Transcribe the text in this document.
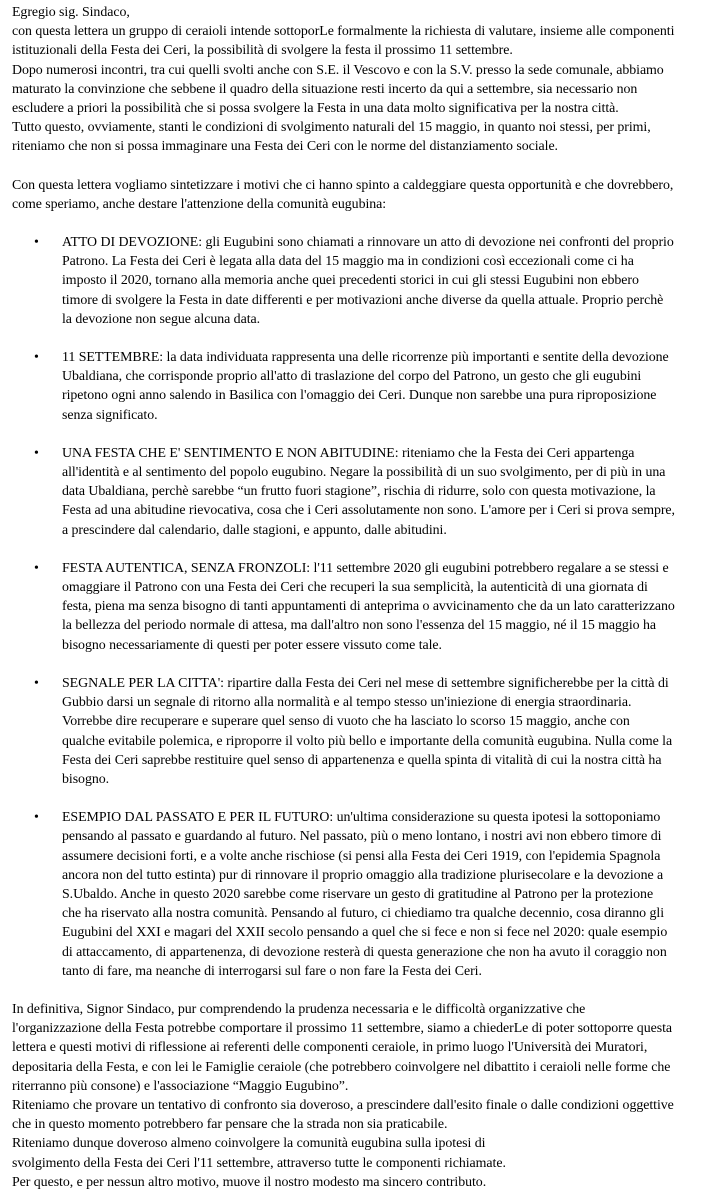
Egregio sig. Sindaco,
con questa lettera un gruppo di ceraioli intende sottoporLe formalmente la richiesta di valutare, insieme alle componenti
istituzionali della Festa dei Ceri, la possibilità di svolgere la festa il prossimo 11 settembre.
Dopo numerosi incontri, tra cui quelli svolti anche con S.E. il Vescovo e con la S.V. presso la sede comunale, abbiamo
maturato la convinzione che sebbene il quadro della situazione resti incerto da qui a settembre, sia necessario non
escludere a priori la possibilità che si possa svolgere la Festa in una data molto significativa per la nostra città.
Tutto questo, ovviamente, stanti le condizioni di svolgimento naturali del 15 maggio, in quanto noi stessi, per primi,
riteniamo che non si possa immaginare una Festa dei Ceri con le norme del distanziamento sociale.
Con questa lettera vogliamo sintetizzare i motivi che ci hanno spinto a caldeggiare questa opportunità e che dovrebbero,
come speriamo, anche destare l'attenzione della comunità eugubina:
• ATTO DI DEVOZIONE: gli Eugubini sono chiamati a rinnovare un atto di devozione nei confronti del proprio
Patrono. La Festa dei Ceri è legata alla data del 15 maggio ma in condizioni così eccezionali come ci ha
imposto il 2020, tornano alla memoria anche quei precedenti storici in cui gli stessi Eugubini non ebbero
timore di svolgere la Festa in date differenti e per motivazioni anche diverse da quella attuale. Proprio perchè
la devozione non segue alcuna data.
• 11 SETTEMBRE: la data individuata rappresenta una delle ricorrenze più importanti e sentite della devozione
Ubaldiana, che corrisponde proprio all'atto di traslazione del corpo del Patrono, un gesto che gli eugubini
ripetono ogni anno salendo in Basilica con l'omaggio dei Ceri. Dunque non sarebbe una pura riproposizione
senza significato.
• UNA FESTA CHE E' SENTIMENTO E NON ABITUDINE: riteniamo che la Festa dei Ceri appartenga
all'identità e al sentimento del popolo eugubino. Negare la possibilità di un suo svolgimento, per di più in una
data Ubaldiana, perchè sarebbe “un frutto fuori stagione”, rischia di ridurre, solo con questa motivazione, la
Festa ad una abitudine rievocativa, cosa che i Ceri assolutamente non sono. L'amore per i Ceri si prova sempre,
a prescindere dal calendario, dalle stagioni, e appunto, dalle abitudini.
• FESTA AUTENTICA, SENZA FRONZOLI: l'11 settembre 2020 gli eugubini potrebbero regalare a se stessi e
omaggiare il Patrono con una Festa dei Ceri che recuperi la sua semplicità, la autenticità di una giornata di
festa, piena ma senza bisogno di tanti appuntamenti di anteprima o avvicinamento che da un lato caratterizzano
la bellezza del periodo normale di attesa, ma dall'altro non sono l'essenza del 15 maggio, né il 15 maggio ha
bisogno necessariamente di questi per poter essere vissuto come tale.
• SEGNALE PER LA CITTA': ripartire dalla Festa dei Ceri nel mese di settembre significherebbe per la città di
Gubbio darsi un segnale di ritorno alla normalità e al tempo stesso un'iniezione di energia straordinaria.
Vorrebbe dire recuperare e superare quel senso di vuoto che ha lasciato lo scorso 15 maggio, anche con
qualche evitabile polemica, e riproporre il volto più bello e importante della comunità eugubina. Nulla come la
Festa dei Ceri saprebbe restituire quel senso di appartenenza e quella spinta di vitalità di cui la nostra città ha
bisogno.
• ESEMPIO DAL PASSATO E PER IL FUTURO: un'ultima considerazione su questa ipotesi la sottoponiamo
pensando al passato e guardando al futuro. Nel passato, più o meno lontano, i nostri avi non ebbero timore di
assumere decisioni forti, e a volte anche rischiose (si pensi alla Festa dei Ceri 1919, con l'epidemia Spagnola
ancora non del tutto estinta) pur di rinnovare il proprio omaggio alla tradizione plurisecolare e la devozione a
S.Ubaldo. Anche in questo 2020 sarebbe come riservare un gesto di gratitudine al Patrono per la protezione
che ha riservato alla nostra comunità. Pensando al futuro, ci chiediamo tra qualche decennio, cosa diranno gli
Eugubini del XXI e magari del XXII secolo pensando a quel che si fece e non si fece nel 2020: quale esempio
di attaccamento, di appartenenza, di devozione resterà di questa generazione che non ha avuto il coraggio non
tanto di fare, ma neanche di interrogarsi sul fare o non fare la Festa dei Ceri.
In definitiva, Signor Sindaco, pur comprendendo la prudenza necessaria e le difficoltà organizzative che
l'organizzazione della Festa potrebbe comportare il prossimo 11 settembre, siamo a chiederLe di poter sottoporre questa
lettera e questi motivi di riflessione ai referenti delle componenti ceraiole, in primo luogo l'Università dei Muratori,
depositaria della Festa, e con lei le Famiglie ceraiole (che potrebbero coinvolgere nel dibattito i ceraioli nelle forme che
riterranno più consone) e l'associazione “Maggio Eugubino”.
Riteniamo che provare un tentativo di confronto sia doveroso, a prescindere dall'esito finale o dalle condizioni oggettive
che in questo momento potrebbero far pensare che la strada non sia praticabile.
Riteniamo dunque doveroso almeno coinvolgere la comunità eugubina sulla ipotesi di
svolgimento della Festa dei Ceri l'11 settembre, attraverso tutte le componenti richiamate.
Per questo, e per nessun altro motivo, muove il nostro modesto ma sincero contributo.
